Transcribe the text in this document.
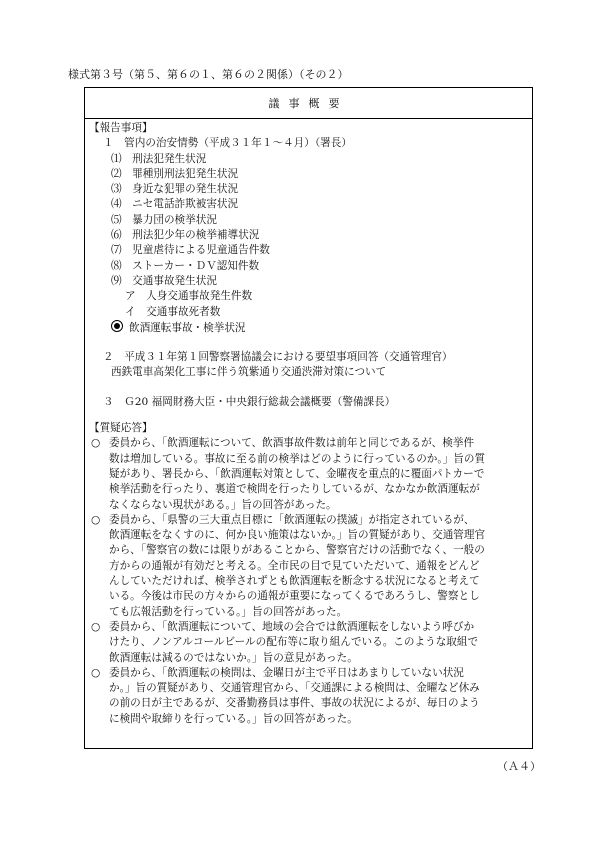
様式第３号（第５、第６の１、第６の２関係）（その２）
議事概要
【報告事項】
１　管内の治安情勢（平成３１年１～４月）（署長）
⑴　刑法犯発生状況
⑵　罪種別刑法犯発生状況
⑶　身近な犯罪の発生状況
⑷　ニセ電話詐欺被害状況
⑸　暴力団の検挙状況
⑹　刑法犯少年の検挙補導状況
⑺　児童虐待による児童通告件数
⑻　ストーカー・ＤＶ認知件数
⑼　交通事故発生状況
ア　人身交通事故発生件数
イ　交通事故死者数
飲酒運転事故・検挙状況
２　平成３１年第１回警察署協議会における要望事項回答（交通管理官）
西鉄電車高架化工事に伴う筑紫通り交通渋滞対策について
３　Ｇ20 福岡財務大臣・中央銀行総裁会議概要（警備課長）
【質疑応答】
○ 委員から、「飲酒運転について、飲酒事故件数は前年と同じであるが、検挙件
数は増加している。事故に至る前の検挙はどのように行っているのか。」旨の質
疑があり、署長から、「飲酒運転対策として、金曜夜を重点的に覆面パトカーで
検挙活動を行ったり、裏道で検問を行ったりしているが、なかなか飲酒運転が
なくならない現状がある。」旨の回答があった。
○ 委員から、「県警の三大重点目標に「飲酒運転の撲滅」が指定されているが、
飲酒運転をなくすのに、何か良い施策はないか。」旨の質疑があり、交通管理官
から、「警察官の数には限りがあることから、警察官だけの活動でなく、一般の
方からの通報が有効だと考える。全市民の目で見ていただいて、通報をどんど
んしていただければ、検挙されずとも飲酒運転を断念する状況になると考えて
いる。今後は市民の方々からの通報が重要になってくるであろうし、警察とし
ても広報活動を行っている。」旨の回答があった。
○ 委員から、「飲酒運転について、地域の会合では飲酒運転をしないよう呼びか
けたり、ノンアルコールビールの配布等に取り組んでいる。このような取組で
飲酒運転は減るのではないか。」旨の意見があった。
○ 委員から、「飲酒運転の検問は、金曜日が主で平日はあまりしていない状況
か。」旨の質疑があり、交通管理官から、「交通課による検問は、金曜など休み
の前の日が主であるが、交番勤務員は事件、事故の状況によるが、毎日のよう
に検問や取締りを行っている。」旨の回答があった。
（Ａ４）
